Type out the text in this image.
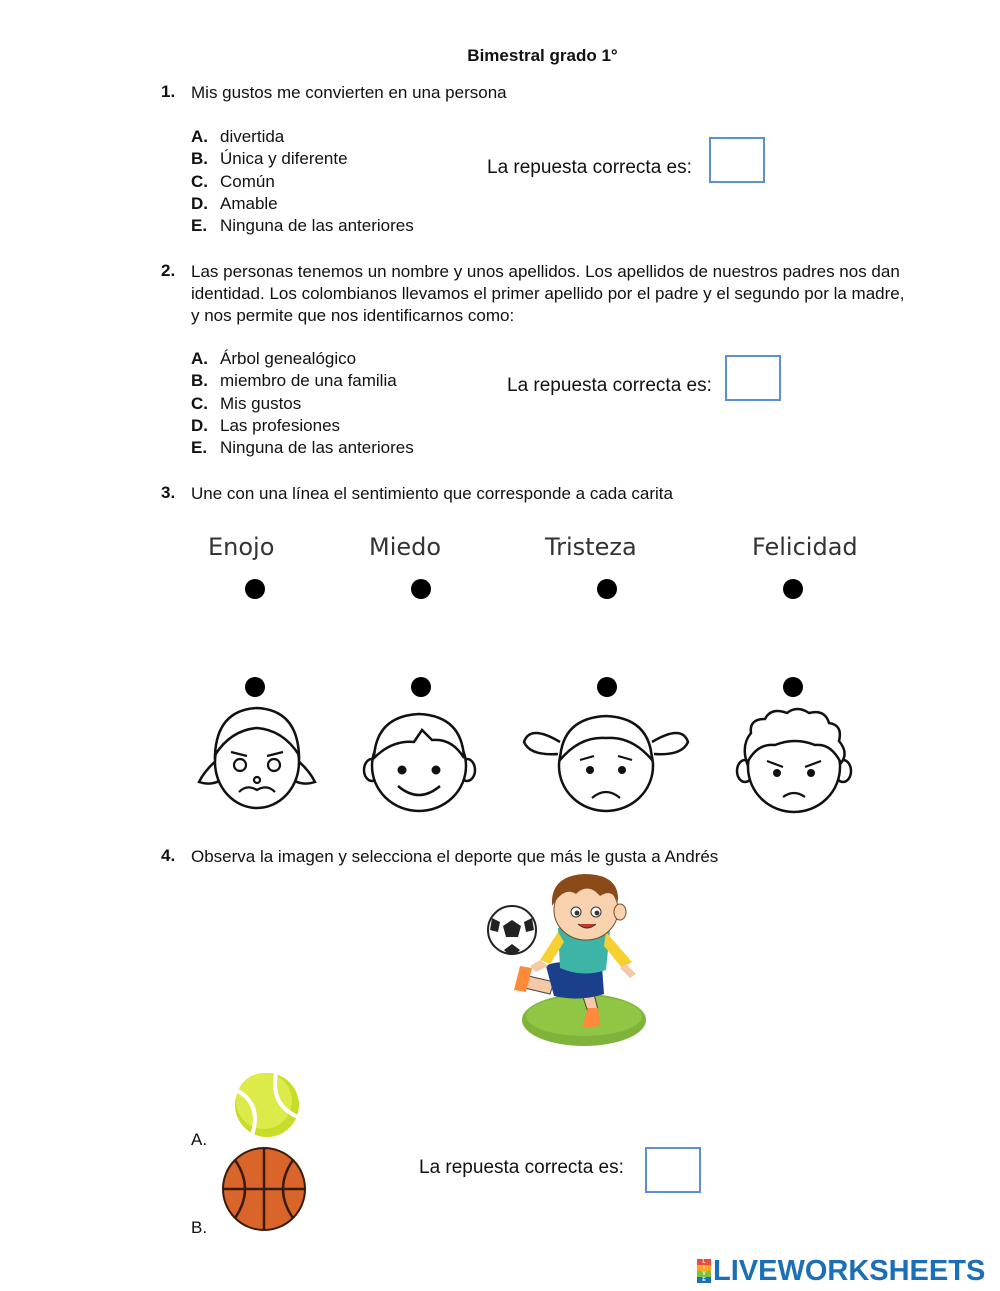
Bimestral grado 1°
1. Mis gustos me convierten en una persona
A. divertida
B. Única y diferente
C. Común
D. Amable
E. Ninguna de las anteriores
La repuesta correcta es:
2. Las personas tenemos un nombre y unos apellidos. Los apellidos de nuestros padres nos dan
identidad. Los colombianos llevamos el primer apellido por el padre y el segundo por la madre,
y nos permite que nos identificarnos como:
A. Árbol genealógico
B. miembro de una familia
C. Mis gustos
D. Las profesiones
E. Ninguna de las anteriores
La repuesta correcta es:
3. Une con una línea el sentimiento que corresponde a cada carita
Enojo	Miedo	Tristeza	Felicidad
4. Observa la imagen y selecciona el deporte que más le gusta a Andrés
A.
B.
La repuesta correcta es:
L
I
V
E LIVEWORKSHEETS
